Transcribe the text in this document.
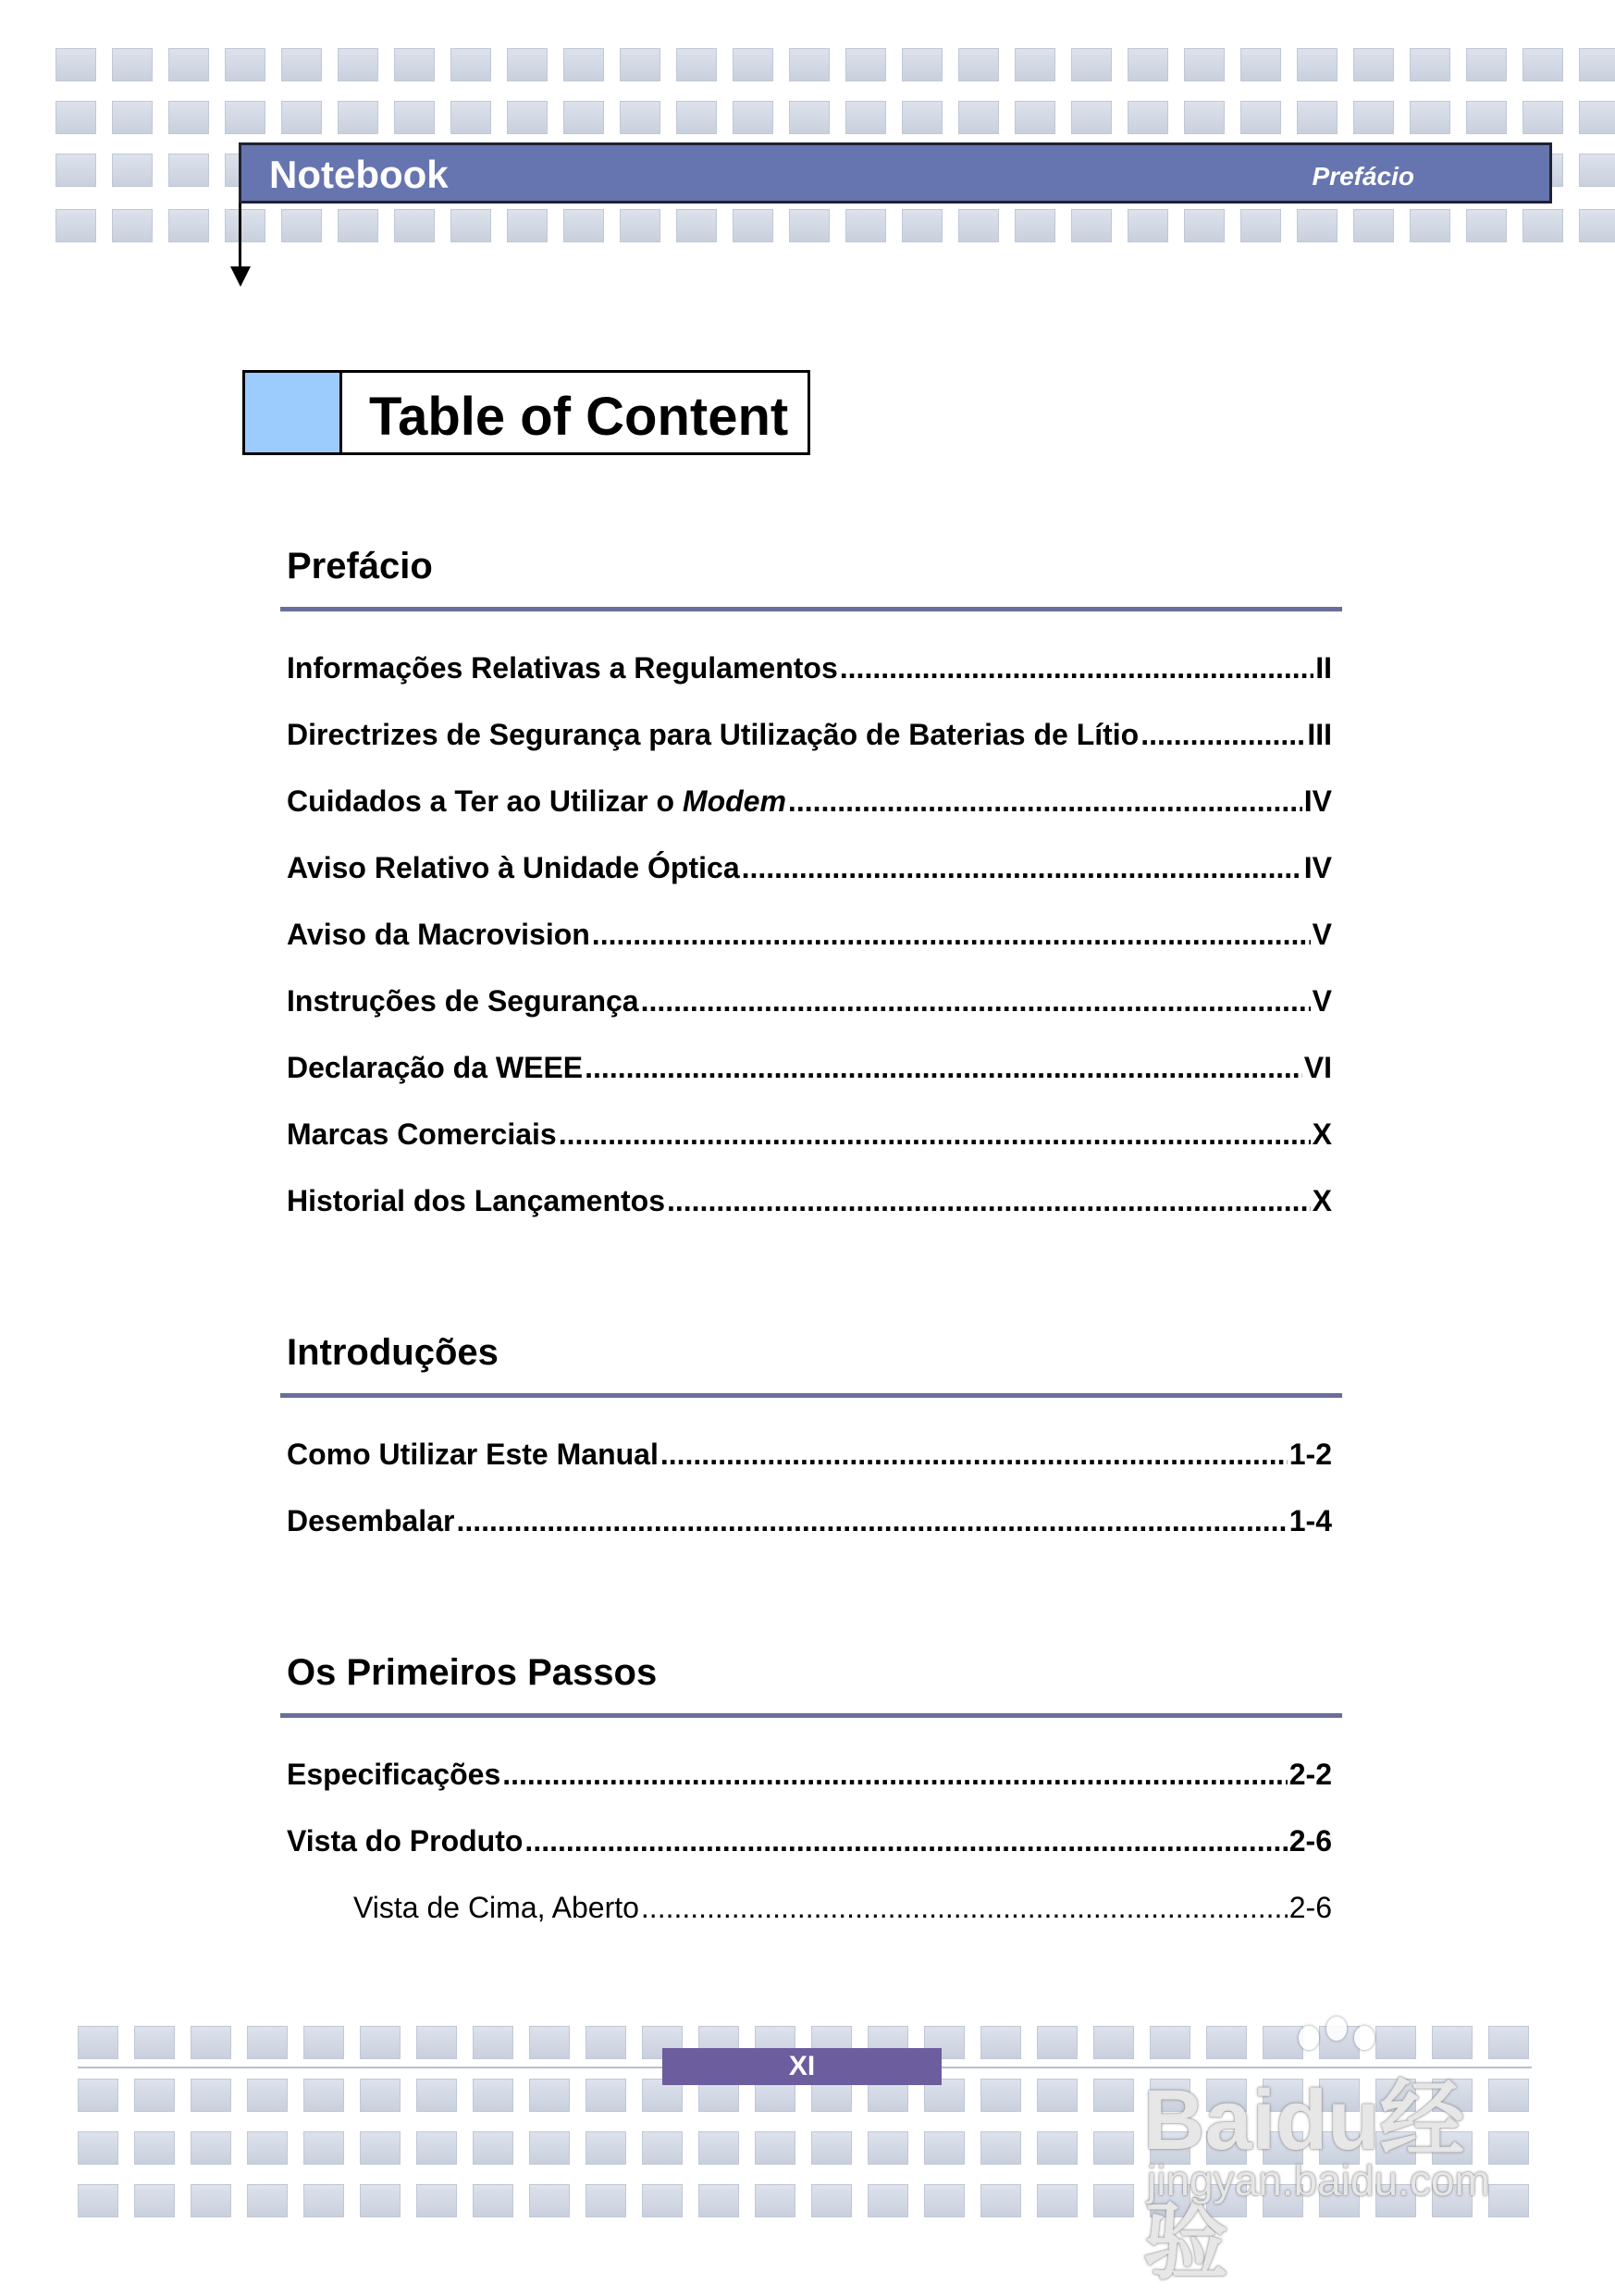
Notebook	Prefácio
Table of Content
Prefácio
Informações Relativas a Regulamentos .....	II
Directrizes de Segurança para Utilização de Baterias de Lítio .....	III
Cuidados a Ter ao Utilizar o Modem .....	IV
Aviso Relativo à Unidade Óptica .....	IV
Aviso da Macrovision .....	V
Instruções de Segurança .....	V
Declaração da WEEE .....	VI
Marcas Comerciais .....	X
Historial dos Lançamentos .....	X
Introduções
Como Utilizar Este Manual .....	1-2
Desembalar .....	1-4
Os Primeiros Passos
Especificações .....	2-2
Vista do Produto .....	2-6
Vista de Cima, Aberto .....	2-6
XI
Baidu经验
jingyan.baidu.com
